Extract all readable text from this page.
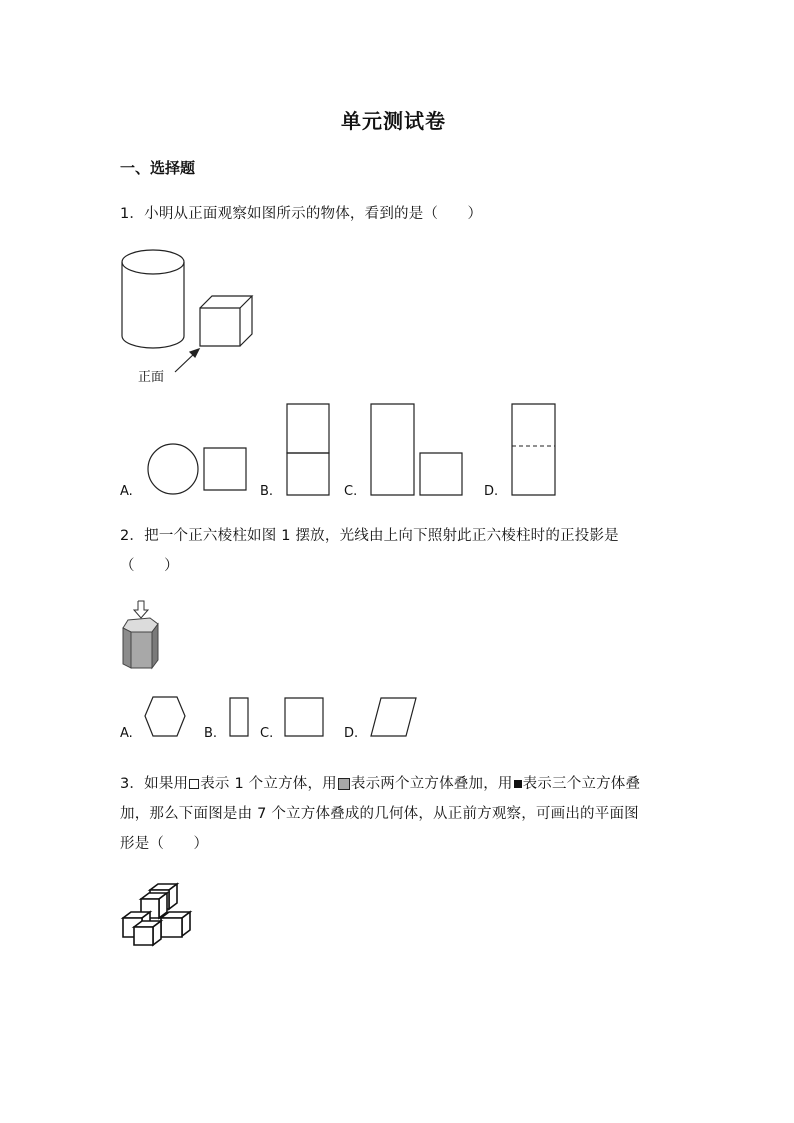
单元测试卷
一、选择题
1．小明从正面观察如图所示的物体，看到的是（　　）
正面
A.	B.	C.	D.
2．把一个正六棱柱如图 1 摆放，光线由上向下照射此正六棱柱时的正投影是
（　　）
A.	B.	C.	D.
3．如果用 表示 1 个立方体，用 表示两个立方体叠加，用 表示三个立方体叠
加，那么下面图是由 7 个立方体叠成的几何体，从正前方观察，可画出的平面图
形是（　　）
